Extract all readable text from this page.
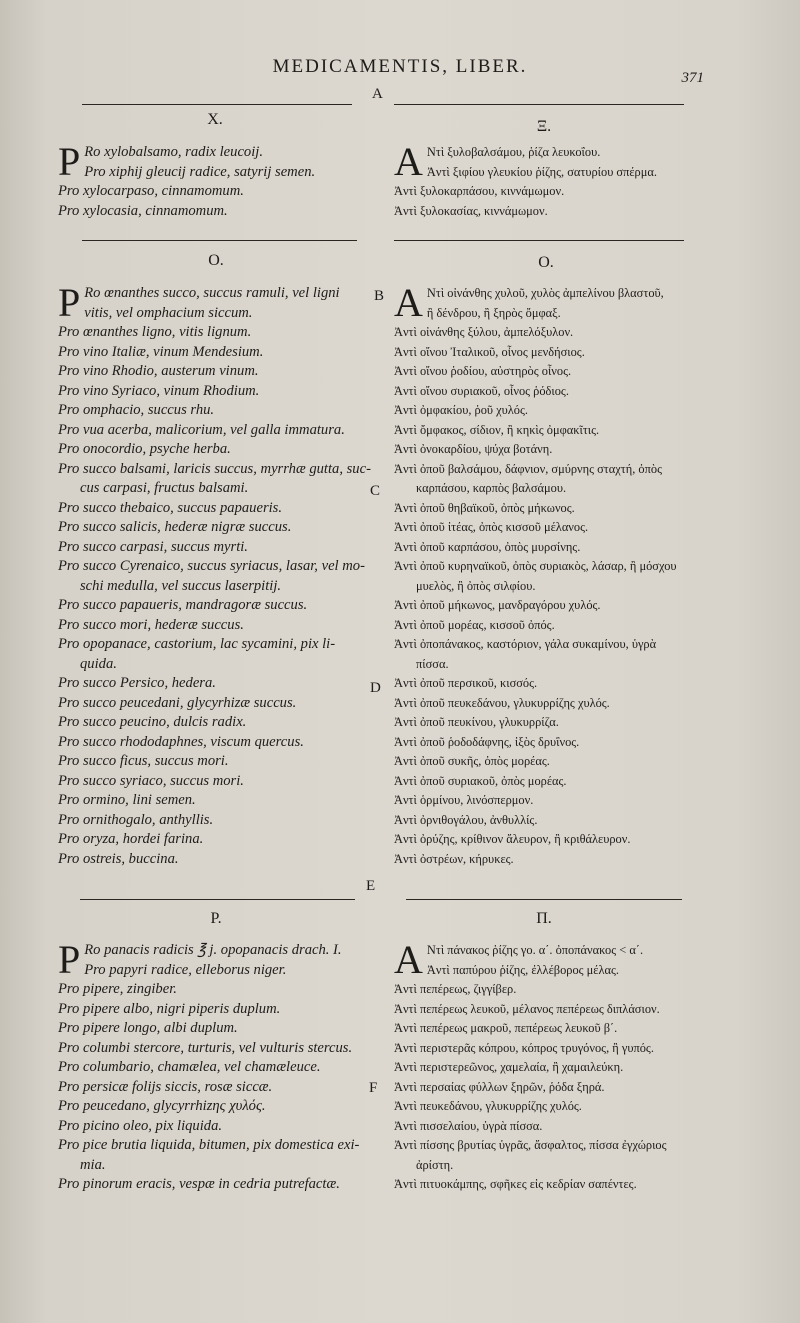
MEDICAMENTIS, LIBER.
371
A
B
C
D
E
F
X.	Ξ.
P Ro xylobalsamo, radix leucoij.
Pro xiphij gleucij radice, satyrij semen.
Pro xylocarpaso, cinnamomum.
Pro xylocasia, cinnamomum.
A Ντὶ ξυλοβαλσάμου, ῥίζα λευκοΐου.
Ἀντὶ ξιφίου γλευκίου ῥίζης, σατυρίου σπέρμα.
Ἀντὶ ξυλοκαρπάσου, κιννάμωμον.
Ἀντὶ ξυλοκασίας, κιννάμωμον.
O.	O.
P Ro œnanthes succo, succus ramuli, vel ligni
vitis, vel omphacium siccum.
Pro œnanthes ligno, vitis lignum.
Pro vino Italiæ, vinum Mendesium.
Pro vino Rhodio, austerum vinum.
Pro vino Syriaco, vinum Rhodium.
Pro omphacio, succus rhu.
Pro vua acerba, malicorium, vel galla immatura.
Pro onocordio, psyche herba.
Pro succo balsami, laricis succus, myrrhæ gutta, suc-
cus carpasi, fructus balsami.
Pro succo thebaico, succus papaueris.
Pro succo salicis, hederæ nigræ succus.
Pro succo carpasi, succus myrti.
Pro succo Cyrenaico, succus syriacus, lasar, vel mo-
schi medulla, vel succus laserpitij.
Pro succo papaueris, mandragoræ succus.
Pro succo mori, hederæ succus.
Pro opopanace, castorium, lac sycamini, pix li-
quida.
Pro succo Persico, hedera.
Pro succo peucedani, glycyrhizæ succus.
Pro succo peucino, dulcis radix.
Pro succo rhododaphnes, viscum quercus.
Pro succo ficus, succus mori.
Pro succo syriaco, succus mori.
Pro ormino, lini semen.
Pro ornithogalo, anthyllis.
Pro oryza, hordei farina.
Pro ostreis, buccina.
A Ντὶ οἰνάνθης χυλοῦ, χυλὸς ἀμπελίνου βλαστοῦ,
ἢ δένδρου, ἢ ξηρὸς ὄμφαξ.
Ἀντὶ οἰνάνθης ξύλου, ἀμπελόξυλον.
Ἀντὶ οἴνου Ἰταλικοῦ, οἶνος μενδήσιος.
Ἀντὶ οἴνου ῥοδίου, αὐστηρὸς οἶνος.
Ἀντὶ οἴνου συριακοῦ, οἶνος ῥόδιος.
Ἀντὶ ὀμφακίου, ῥοῦ χυλός.
Ἀντὶ ὄμφακος, σίδιον, ἢ κηκὶς ὀμφακῖτις.
Ἀντὶ ὀνοκαρδίου, ψύχα βοτάνη.
Ἀντὶ ὀποῦ βαλσάμου, δάφνιον, σμύρνης σταχτή, ὀπὸς
καρπάσου, καρπὸς βαλσάμου.
Ἀντὶ ὀποῦ θηβαϊκοῦ, ὀπὸς μήκωνος.
Ἀντὶ ὀποῦ ἰτέας, ὀπὸς κισσοῦ μέλανος.
Ἀντὶ ὀποῦ καρπάσου, ὀπὸς μυρσίνης.
Ἀντὶ ὀποῦ κυρηναϊκοῦ, ὀπὸς συριακὸς, λάσαρ, ἢ μόσχου
μυελὸς, ἢ ὀπὸς σιλφίου.
Ἀντὶ ὀποῦ μήκωνος, μανδραγόρου χυλός.
Ἀντὶ ὀποῦ μορέας, κισσοῦ ὀπός.
Ἀντὶ ὀποπάνακος, καστόριον, γάλα συκαμίνου, ὑγρὰ
πίσσα.
Ἀντὶ ὀποῦ περσικοῦ, κισσός.
Ἀντὶ ὀποῦ πευκεδάνου, γλυκυρρίζης χυλός.
Ἀντὶ ὀποῦ πευκίνου, γλυκυρρίζα.
Ἀντὶ ὀποῦ ῥοδοδάφνης, ἰξὸς δρυΐνος.
Ἀντὶ ὀποῦ συκῆς, ὀπὸς μορέας.
Ἀντὶ ὀποῦ συριακοῦ, ὀπὸς μορέας.
Ἀντὶ ὁρμίνου, λινόσπερμον.
Ἀντὶ ὀρνιθογάλου, ἀνθυλλίς.
Ἀντὶ ὀρύζης, κρίθινον ἄλευρον, ἢ κριθάλευρον.
Ἀντὶ ὀστρέων, κήρυκες.
P.	Π.
P Ro panacis radicis ℥ j. opopanacis drach. I.
Pro papyri radice, elleborus niger.
Pro pipere, zingiber.
Pro pipere albo, nigri piperis duplum.
Pro pipere longo, albi duplum.
Pro columbi stercore, turturis, vel vulturis stercus.
Pro columbario, chamælea, vel chamæleuce.
Pro persicæ folijs siccis, rosæ siccæ.
Pro peucedano, glycyrrhizης χυλός.
Pro picino oleo, pix liquida.
Pro pice brutia liquida, bitumen, pix domestica exi-
mia.
Pro pinorum eracis, vespæ in cedria putrefactæ.
A Ντὶ πάνακος ῥίζης γο. α΄. ὀποπάνακος < α΄.
Ἀντὶ παπύρου ῥίζης, ἐλλέβορος μέλας.
Ἀντὶ πεπέρεως, ζιγγίβερ.
Ἀντὶ πεπέρεως λευκοῦ, μέλανος πεπέρεως διπλάσιον.
Ἀντὶ πεπέρεως μακροῦ, πεπέρεως λευκοῦ β΄.
Ἀντὶ περιστερᾶς κόπρου, κόπρος τρυγόνος, ἢ γυπός.
Ἀντὶ περιστερεῶνος, χαμελαία, ἢ χαμαιλεύκη.
Ἀντὶ περσαίας φύλλων ξηρῶν, ῥόδα ξηρά.
Ἀντὶ πευκεδάνου, γλυκυρρίζης χυλός.
Ἀντὶ πισσελαίου, ὑγρὰ πίσσα.
Ἀντὶ πίσσης βρυτίας ὑγρᾶς, ἄσφαλτος, πίσσα ἐγχώριος
ἀρίστη.
Ἀντὶ πιτυοκάμπης, σφῆκες εἰς κεδρίαν σαπέντες.
